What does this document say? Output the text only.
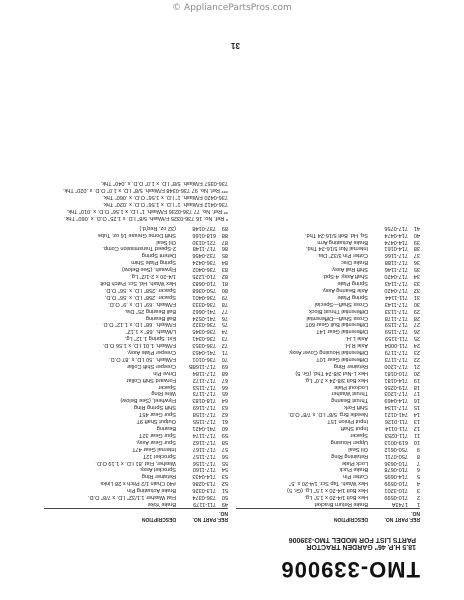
© AppliancePartsPros.com
TMO-339006
18.5 H.P. 46" GARDEN TRACTOR
PARTS LIST FOR MODEL TMO-339006
REF. NO.
PART NO.
DESCRIPTION
1
1743A
Brake Return Bracket
2
710-0599
Hex Bolt 1/4-20 x 1.5" Lg.
3
710-3201
Hex Bolt 1/4-20 x 1.5" Lg. (Gr. 5)
4
710-0599
Hex Wash. Tap Scr. 1/4-20 x .5"
5
714-0695
Cotter Pin
6
710-0678
Brake Puck
7
710-0636
Lock Plate
8
750-0711
Retaining Ring
9
750-0612
Oil Seal
10
619-0013
Upper Housing
11
711-0253
Spacer
12
711-0114
Input Shaft
13
711-0126
Input Pinion 15T
14
741-0121
Needle Brg. 5/8" I.D. x 7/8" O.D.
15
717-1134
Shift Fork
16
714-0469
Thrust Bearing
17
717-1203
Thrust Washer
18
719-0256
Lockout Plate
19
714-0181
Hex Bolt 3/8-24 x 2.0" Lg.
20
710-0181
Hex L-Nut 3/8-24 Thd. (Gr. 5)
21
717-1200
Retainer Ring
22
717-1173
Differential Gear 10T
23
717-1179
Differential Housing Cover Assy.
24
711-0004
Axle R.H.
25
711-1159
Axle L.H.
26
717-1159
Differential Gear 14T
27
717-1159
Differential Bull Gear 60T
28
717-1178
Cross Shaft—Differential
29
717-1133
Differential Thrust Block
30
717-1143
Cross Shaft—Special
31
711-1144
Spring Plate
32
717-0420
Axle Bearing Assy.
33
717-1143
Spring Plate
34
717-0420
Shaft Assy. 4-Spd.
35
717-1146
Shift Rail Assy.
36
717-1188
Brake Disc
37
717-1166
Cotter Pin 3/32" Dia.
38
714-0161
Internal Nut 5/16-24 Thd.
39
714-0474
Brake Actuating Arm
40
714-0474
Sq. Hd. Bolt 5/16-24 Thd.
41
717-0756
REF. NO.
PART NO.
DESCRIPTION
49
711-1179
Brake Yoke
50
736-0374
Flat Washer 1.1/32" I.D. x 7/8" O.D.
51
713-0326
Brake Actuating Pin
52
713-0286
#40 Chain 1/2 Pitch x 28 Links
53
714-0433
Retainer Ring
54
717-1160
Sprocket Assy.
55
717-1156
Washer, Flat .81 I.D. x 1.19 O.D.
56
717-1157
Sprocket 12T
57
717-1167
Internal Gear 47T
58
717-1162
Spur Gear Assy.
59
717-1174
Spur Gear 32T
60
741-0421
Bearing
61
717-1155
Output Shaft 9T
62
717-1158
Spur Gear 45T
63
717-1169
Shift Spring Ring
64
718-0183
Flywheel, (See Below)
65
717-1173
Wire Ring
66
717-1153
Spacer
67
717-1172
Forward Shift Collar
68
717-1184
Drive Pin
69
717-1168B
Creeper Shift Collar
70
736-0101
F/Wash. .50 I.D. x .87 O.D.
71
741-0453
Creeper Plate Assy.
72
736-0353
F/Wash. 1.01 I.D. x 1.56 O.D.
73
736-0341
Ext. Spring 1.12" Lg.
74
736-0345
L/Wash. .68" x 1.12"
75
736-0322
F/Wash. .68" I.D. x 1.12" O.D.
76
741-0524
Ball Bearing
77
741-0662
Ball Bearing 25" Dia.
78
736-0333
F/Wash. .69" I.D. x .9" O.D.
79
736-0401
Spacer .258" I.D. x .56" O.D.
80
750-0368
Spacer .258" I.D. x .56" O.D.
81
710-0683
Hex Wash. Hd. Scr. Patch Bolt
82
710-1225
1/4-20 x 2-1/2" Lg.
83
736-0402
Flywash. (See Below)
84
736-0424
Spring Plate Shim
85
732-0456
Detent Spring
86
717-1148
2-Speed Transmission Comp.
87
721-0130
Oil Seal
88
618-0166
Shift Dome Grease 16 oz. Tube
89
737-0148
(32 oz. Req'd.)
* Ref. No. 16 736-0325 F/Wash. 5/8" I.D. x 1.25" O.D. x .060" Thk.
** Ref. No. 77 736-0236 F/Wash. 1" I.D. x 1.56" O.D. x .010" Thk.
736-0412 F/Wash. 1" I.D. x 1.56" O.D. x .020" Thk.
736-0420 F/Wash. 1" I.D. x 1.56" O.D. x .060" Thk.
*** Ref. No. 97 736-0348 F/Wash. 5/8" I.D. x 1.0" O.D. x .020" Thk.
736-0357 F/Wash. 5/8" I.D. x 1.0" O.D. x .040" Thk.
31
